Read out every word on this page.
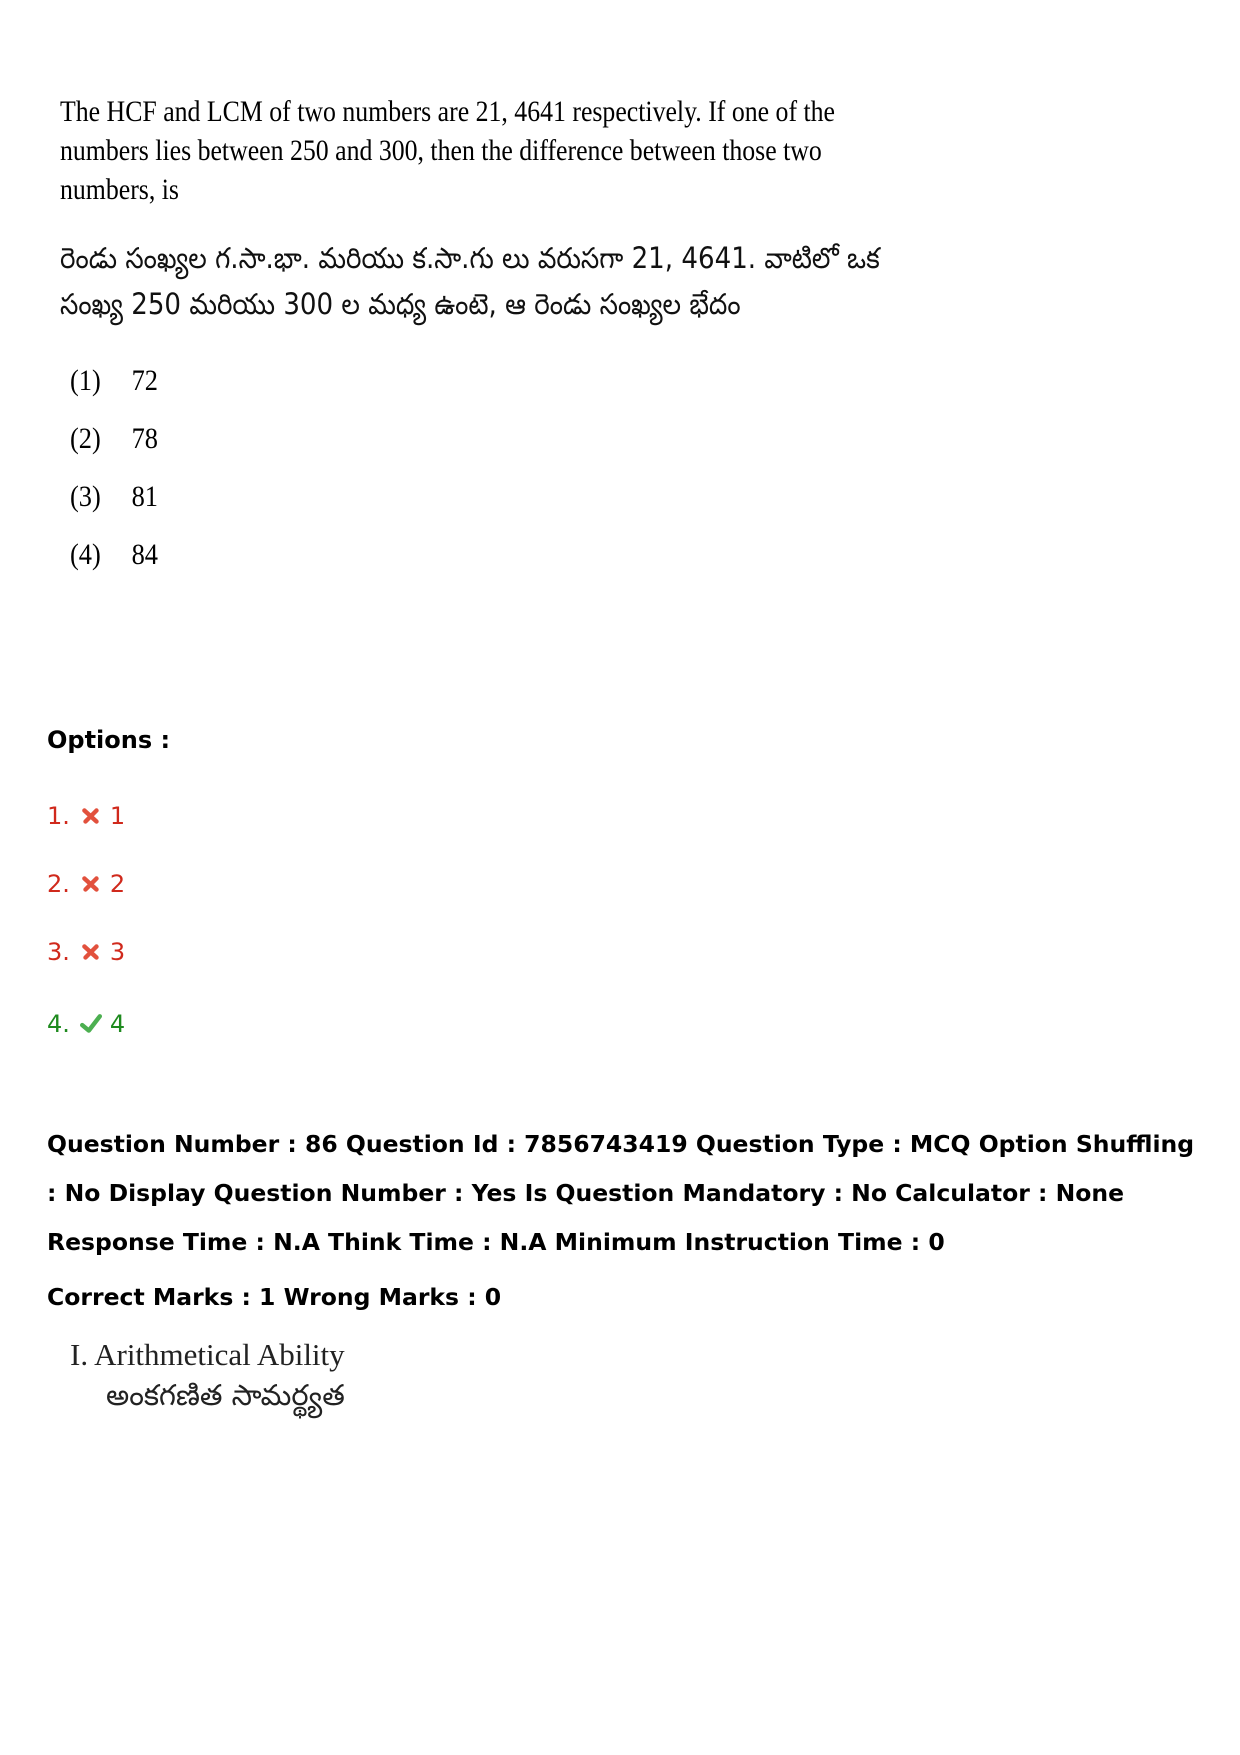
The HCF and LCM of two numbers are 21, 4641 respectively. If one of the numbers lies between 250 and 300, then the difference between those two numbers, is

రెండు సంఖ్యల గ.సా.భా. మరియు క.సా.గు లు వరుసగా 21, 4641. వాటిలో ఒక సంఖ్య 250 మరియు 300 ల మధ్య ఉంటె, ఆ రెండు సంఖ్యల భేదం

(1)	72
(2)	78
(3)	81
(4)	84

Options :

1. 1
2. 2
3. 3
4. 4

Question Number : 86 Question Id : 7856743419 Question Type : MCQ Option Shuffling : No Display Question Number : Yes Is Question Mandatory : No Calculator : None Response Time : N.A Think Time : N.A Minimum Instruction Time : 0

Correct Marks : 1 Wrong Marks : 0

I. Arithmetical Ability

అంకగణిత సామర్థ్యత
